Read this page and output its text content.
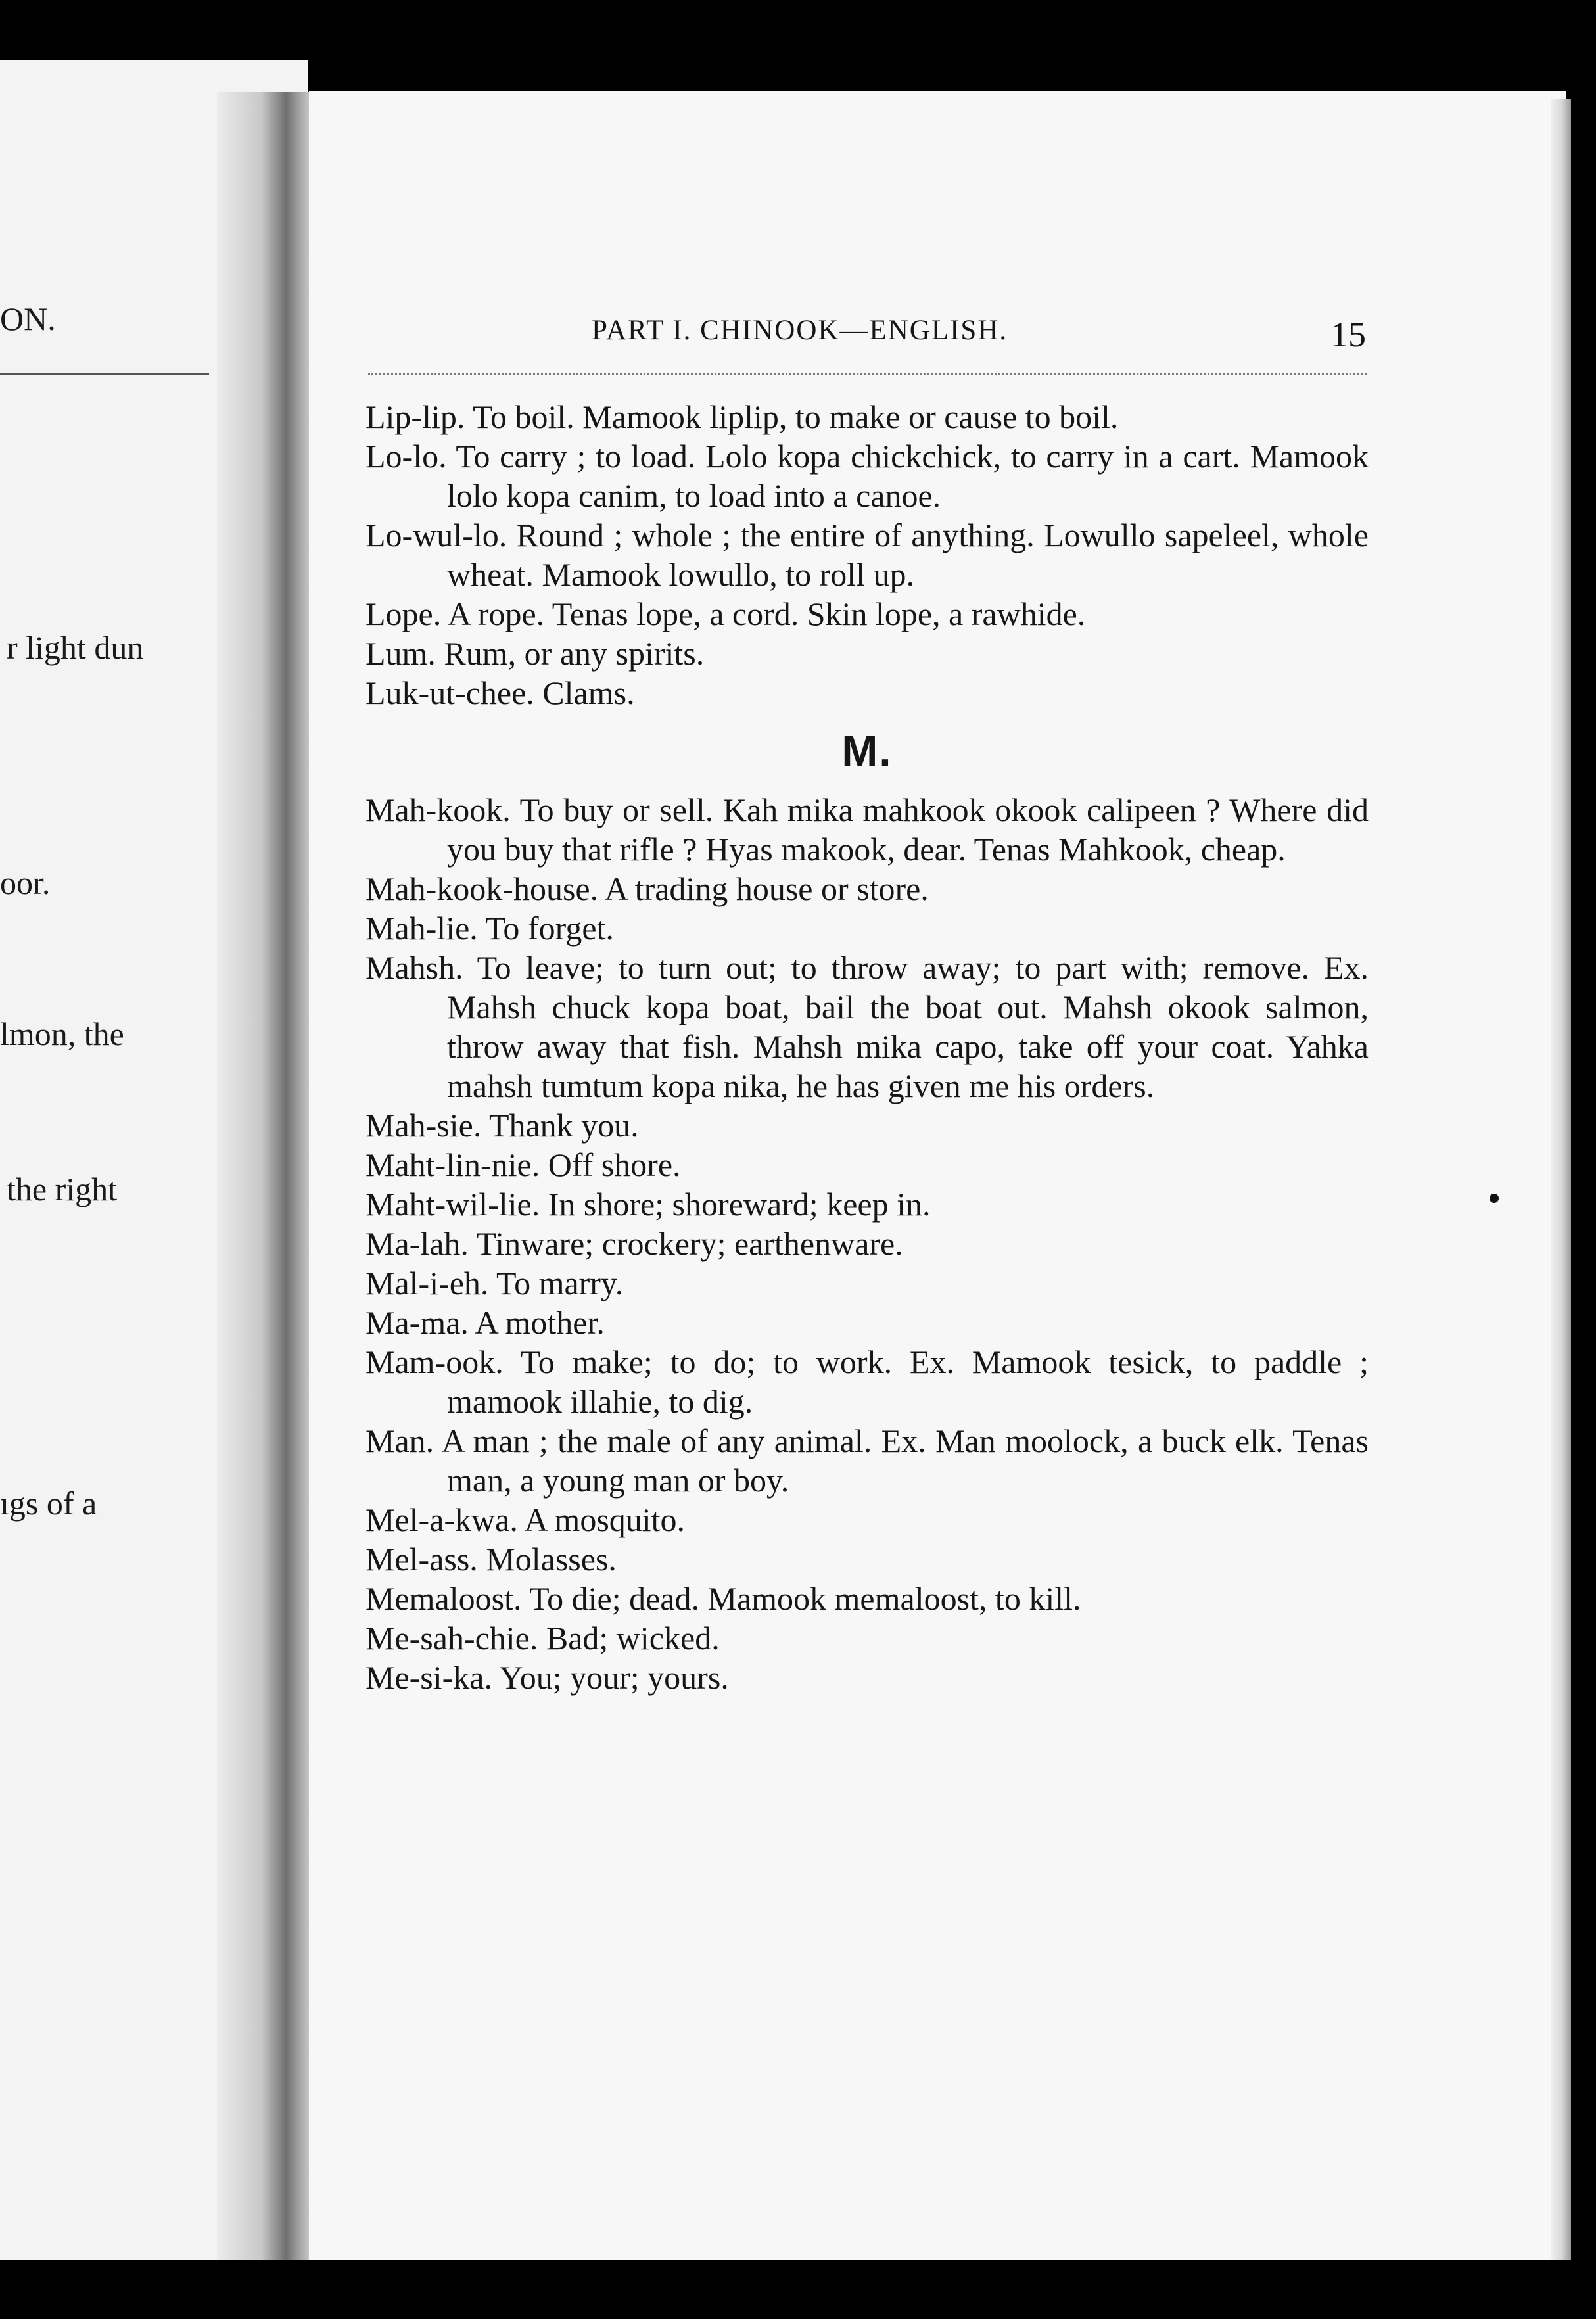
ON.
r light dun
oor.
lmon, the
the right
ıgs of a
PART I. CHINOOK—ENGLISH.	15

Lip-lip. To boil. Mamook liplip, to make or cause to boil.

Lo-lo. To carry ; to load. Lolo kopa chickchick, to carry in a cart. Mamook lolo kopa canim, to load into a canoe.

Lo-wul-lo. Round ; whole ; the entire of anything. Lowullo sapeleel, whole wheat. Mamook lowullo, to roll up.

Lope. A rope. Tenas lope, a cord. Skin lope, a rawhide.

Lum. Rum, or any spirits.

Luk-ut-chee. Clams.

M.

Mah-kook. To buy or sell. Kah mika mahkook okook calipeen ? Where did you buy that rifle ? Hyas makook, dear. Tenas Mahkook, cheap.

Mah-kook-house. A trading house or store.

Mah-lie. To forget.

Mahsh. To leave; to turn out; to throw away; to part with; remove. Ex. Mahsh chuck kopa boat, bail the boat out. Mahsh okook salmon, throw away that fish. Mahsh mika capo, take off your coat. Yahka mahsh tumtum kopa nika, he has given me his orders.

Mah-sie. Thank you.

Maht-lin-nie. Off shore.

Maht-wil-lie. In shore; shoreward; keep in.

Ma-lah. Tinware; crockery; earthenware.

Mal-i-eh. To marry.

Ma-ma. A mother.

Mam-ook. To make; to do; to work. Ex. Mamook tesick, to paddle ; mamook illahie, to dig.

Man. A man ; the male of any animal. Ex. Man moolock, a buck elk. Tenas man, a young man or boy.

Mel-a-kwa. A mosquito.

Mel-ass. Molasses.

Memaloost. To die; dead. Mamook memaloost, to kill.

Me-sah-chie. Bad; wicked.

Me-si-ka. You; your; yours.
